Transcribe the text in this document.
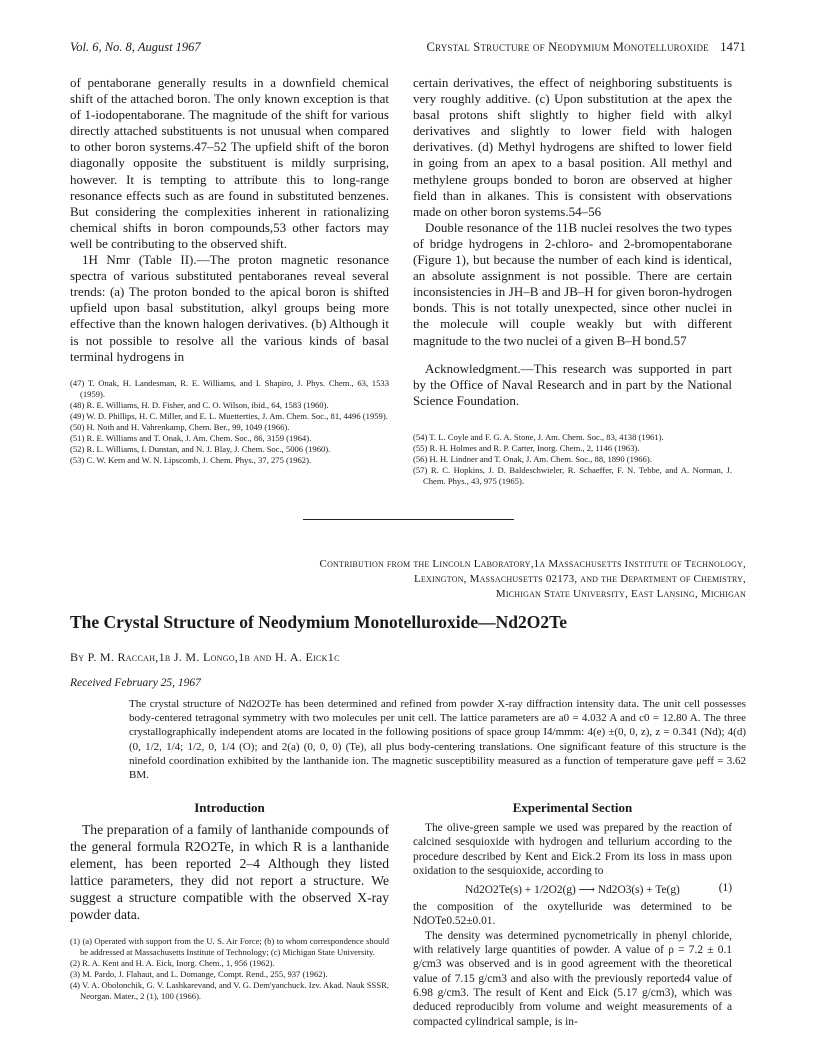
Vol. 6, No. 8, August 1967	Crystal Structure of Neodymium Monotelluroxide 1471

of pentaborane generally results in a downfield chemical shift of the attached boron. The only known exception is that of 1-iodopentaborane. The magnitude of the shift for various directly attached substituents is not unusual when compared to other boron systems.47–52 The upfield shift of the boron diagonally opposite the substituent is mildly surprising, however. It is tempting to attribute this to long-range resonance effects such as are found in substituted benzenes. But considering the complexities inherent in rationalizing chemical shifts in boron compounds,53 other factors may well be contributing to the observed shift.

1H Nmr (Table II).—The proton magnetic resonance spectra of various substituted pentaboranes reveal several trends: (a) The proton bonded to the apical boron is shifted upfield upon basal substitution, alkyl groups being more effective than the known halogen derivatives. (b) Although it is not possible to resolve all the various kinds of basal terminal hydrogens in

(47) T. Onak, H. Landesman, R. E. Williams, and I. Shapiro, J. Phys. Chem., 63, 1533 (1959).
(48) R. E. Williams, H. D. Fisher, and C. O. Wilson, ibid., 64, 1583 (1960).
(49) W. D. Phillips, H. C. Miller, and E. L. Muetterties, J. Am. Chem. Soc., 81, 4496 (1959).
(50) H. Noth and H. Vahrenkamp, Chem. Ber., 99, 1049 (1966).
(51) R. E. Williams and T. Onak, J. Am. Chem. Soc., 86, 3159 (1964).
(52) R. L. Williams, I. Dunstan, and N. J. Blay, J. Chem. Soc., 5006 (1960).
(53) C. W. Kern and W. N. Lipscomb, J. Chem. Phys., 37, 275 (1962).

certain derivatives, the effect of neighboring substituents is very roughly additive. (c) Upon substitution at the apex the basal protons shift slightly to higher field with alkyl derivatives and slightly to lower field with halogen derivatives. (d) Methyl hydrogens are shifted to lower field in going from an apex to a basal position. All methyl and methylene groups bonded to boron are observed at higher field than in alkanes. This is consistent with observations made on other boron systems.54–56

Double resonance of the 11B nuclei resolves the two types of bridge hydrogens in 2-chloro- and 2-bromopentaborane (Figure 1), but because the number of each kind is identical, an absolute assignment is not possible. There are certain inconsistencies in JH–B and JB–H for given boron-hydrogen bonds. This is not totally unexpected, since other nuclei in the molecule will couple weakly but with different magnitude to the two nuclei of a given B–H bond.57

Acknowledgment.—This research was supported in part by the Office of Naval Research and in part by the National Science Foundation.

(54) T. L. Coyle and F. G. A. Stone, J. Am. Chem. Soc., 83, 4138 (1961).
(55) R. H. Holmes and R. P. Carter, Inorg. Chem., 2, 1146 (1963).
(56) H. H. Lindner and T. Onak, J. Am. Chem. Soc., 88, 1890 (1966).
(57) R. C. Hopkins, J. D. Baldeschwieler, R. Schaeffer, F. N. Tebbe, and A. Norman, J. Chem. Phys., 43, 975 (1965).
Contribution from the Lincoln Laboratory,1a Massachusetts Institute of Technology,
Lexington, Massachusetts 02173, and the Department of Chemistry,
Michigan State University, East Lansing, Michigan
The Crystal Structure of Neodymium Monotelluroxide—Nd2O2Te
By P. M. Raccah,1b J. M. Longo,1b and H. A. Eick1c
Received February 25, 1967
The crystal structure of Nd2O2Te has been determined and refined from powder X-ray diffraction intensity data. The unit cell possesses body-centered tetragonal symmetry with two molecules per unit cell. The lattice parameters are a0 = 4.032 A and c0 = 12.80 A. The three crystallographically independent atoms are located in the following positions of space group I4/mmm: 4(e) ±(0, 0, z), z = 0.341 (Nd); 4(d) (0, 1/2, 1/4; 1/2, 0, 1/4 (O); and 2(a) (0, 0, 0) (Te), all plus body-centering translations. One significant feature of this structure is the ninefold coordination exhibited by the lanthanide ion. The magnetic susceptibility measured as a function of temperature gave μeff = 3.62 BM.
Introduction

The preparation of a family of lanthanide compounds of the general formula R2O2Te, in which R is a lanthanide element, has been reported 2–4 Although they listed lattice parameters, they did not report a structure. We suggest a structure compatible with the observed X-ray powder data.

(1) (a) Operated with support from the U. S. Air Force; (b) to whom correspondence should be addressed at Massachusetts Institute of Technology; (c) Michigan State University.
(2) R. A. Kent and H. A. Eick, Inorg. Chem., 1, 956 (1962).
(3) M. Pardo, J. Flahaut, and L. Domange, Compt. Rend., 255, 937 (1962).
(4) V. A. Obolonchik, G. V. Lashkarevand, and V. G. Dem'yanchuck. Izv. Akad. Nauk SSSR, Neorgan. Mater., 2 (1), 100 (1966).
Experimental Section

The olive-green sample we used was prepared by the reaction of calcined sesquioxide with hydrogen and tellurium according to the procedure described by Kent and Eick.2 From its loss in mass upon oxidation to the sesquioxide, according to

Nd2O2Te(s) + 1/2O2(g) ⟶ Nd2O3(s) + Te(g)	(1)

the composition of the oxytelluride was determined to be NdOTe0.52±0.01.

The density was determined pycnometrically in phenyl chloride, with relatively large quantities of powder. A value of ρ = 7.2 ± 0.1 g/cm3 was observed and is in good agreement with the theoretical value of 7.15 g/cm3 and also with the previously reported4 value of 6.98 g/cm3. The result of Kent and Eick (5.17 g/cm3), which was deduced reproducibly from volume and weight measurements of a compacted cylindrical sample, is in-
